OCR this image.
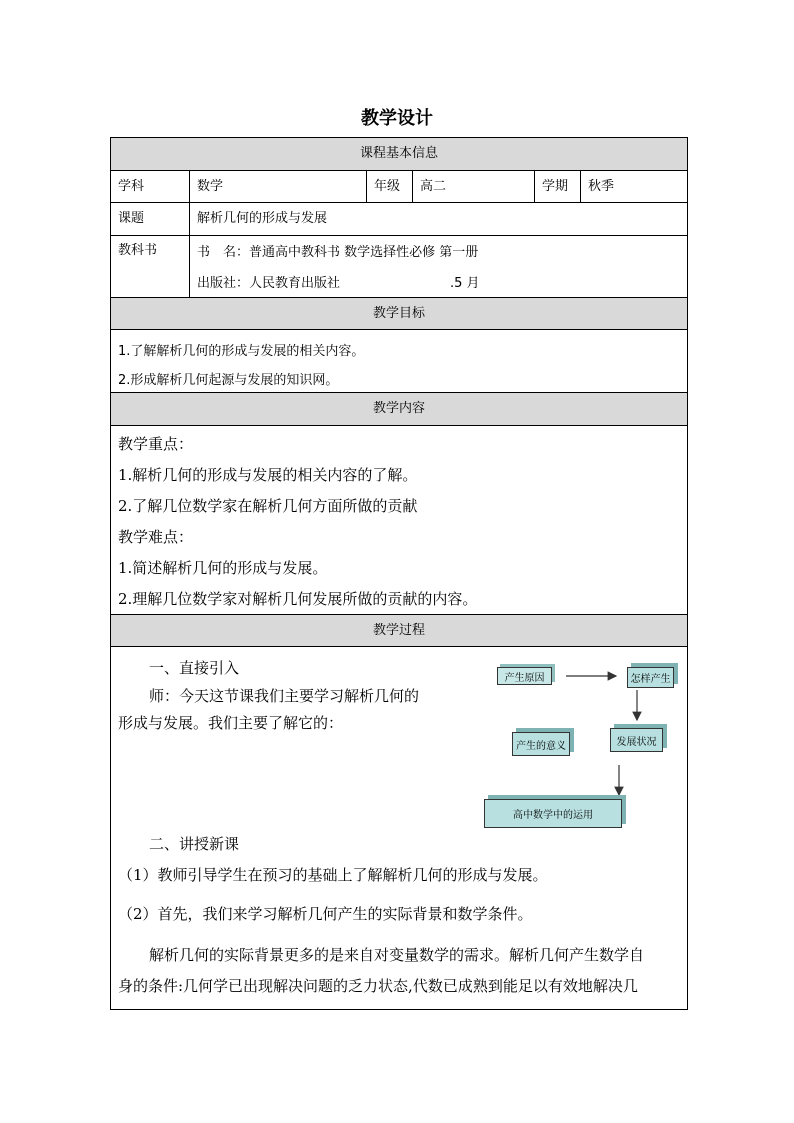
教学设计
课程基本信息
学科	数学	年级	高二	学期	秋季
课题	解析几何的形成与发展
教科书	书　名：普通高中教科书 数学选择性必修 第一册
出版社：人民教育出版社	.5 月
教学目标
1.了解解析几何的形成与发展的相关内容。
2.形成解析几何起源与发展的知识网。
教学内容
教学重点：
1.解析几何的形成与发展的相关内容的了解。
2.了解几位数学家在解析几何方面所做的贡献
教学难点：
1.简述解析几何的形成与发展。
2.理解几位数学家对解析几何发展所做的贡献的内容。
教学过程
一、直接引入
师：今天这节课我们主要学习解析几何的
形成与发展。我们主要了解它的：
产生原因	怎样产生
产生的意义	发展状况
高中数学中的运用
二、讲授新课
（1）教师引导学生在预习的基础上了解解析几何的形成与发展。
（2）首先，我们来学习解析几何产生的实际背景和数学条件。
解析几何的实际背景更多的是来自对变量数学的需求。解析几何产生数学自
身的条件:几何学已出现解决问题的乏力状态,代数已成熟到能足以有效地解决几
